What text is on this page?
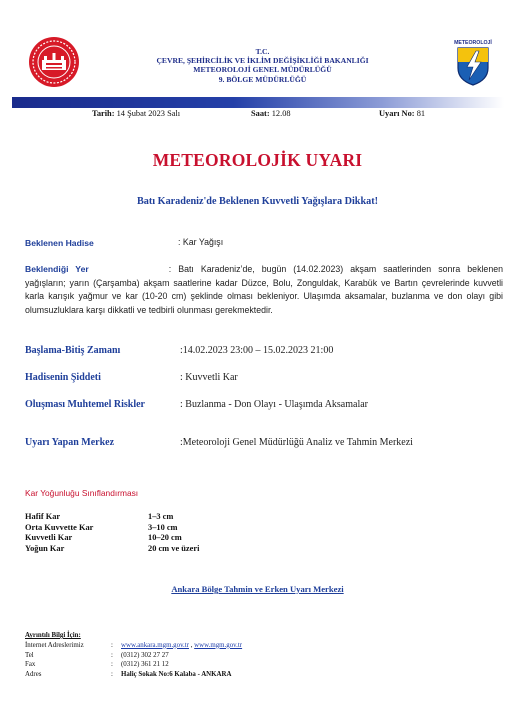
T.C.
ÇEVRE, ŞEHİRCİLİK VE İKLİM DEĞİŞİKLİĞİ BAKANLIĞI
METEOROLOJİ GENEL MÜDÜRLÜĞÜ
9. BÖLGE MÜDÜRLÜĞÜ
METEOROLOJİ
Tarih: 14 Şubat 2023 Salı	Saat: 12.08	Uyarı No: 81
METEOROLOJİK UYARI
Batı Karadeniz'de Beklenen Kuvvetli Yağışlara Dikkat!
Beklenen Hadise	: Kar Yağışı
Beklendiği Yer	: Batı Karadeniz’de, bugün (14.02.2023) akşam saatlerinden sonra beklenen yağışların; yarın (Çarşamba) akşam saatlerine kadar Düzce, Bolu, Zonguldak, Karabük ve Bartın çevrelerinde kuvvetli karla karışık yağmur ve kar (10-20 cm) şeklinde olması bekleniyor. Ulaşımda aksamalar, buzlanma ve don olayı gibi olumsuzluklara karşı dikkatli ve tedbirli olunması gerekmektedir.
Başlama-Bitiş Zamanı	:14.02.2023 23:00 – 15.02.2023 21:00
Hadisenin Şiddeti	: Kuvvetli Kar
Oluşması Muhtemel Riskler	: Buzlanma - Don Olayı - Ulaşımda Aksamalar
Uyarı Yapan Merkez	:Meteoroloji Genel Müdürlüğü Analiz ve Tahmin Merkezi
Kar Yoğunluğu Sınıflandırması
Hafif Kar	1–3 cm
Orta Kuvvette Kar	3–10 cm
Kuvvetli Kar	10–20 cm
Yoğun Kar	20 cm ve üzeri
Ankara Bölge Tahmin ve Erken Uyarı Merkezi
Ayrıntılı Bilgi İçin:
İnternet Adreslerimiz	:	www.ankara.mgm.gov.tr , www.mgm.gov.tr
Tel	:	(0312) 302 27 27
Fax	:	(0312) 361 21 12
Adres	:	Haliç Sokak No:6 Kalaba - ANKARA
